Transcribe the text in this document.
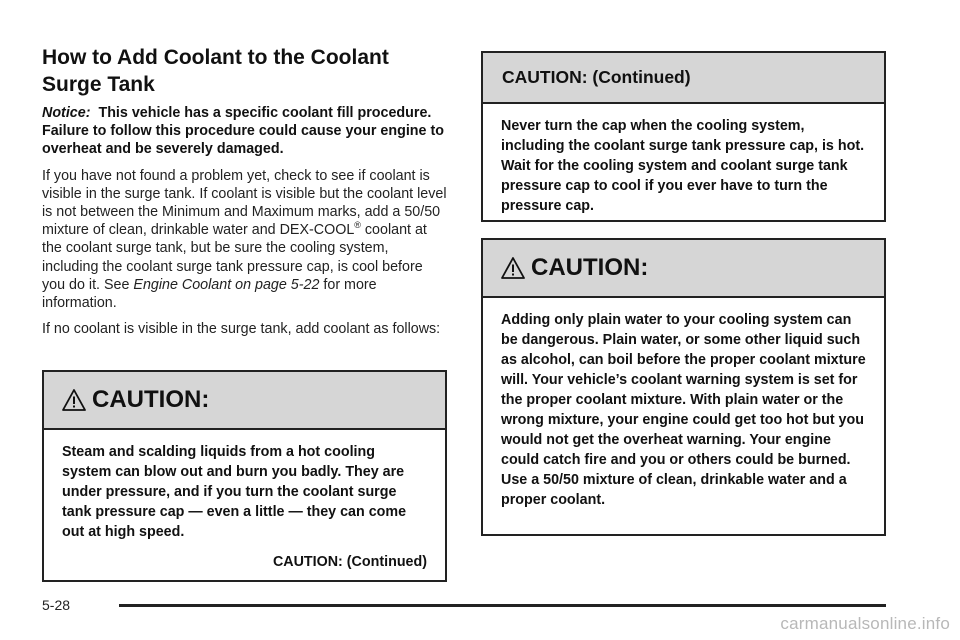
How to Add Coolant to the Coolant
Surge Tank

Notice: This vehicle has a specific coolant fill procedure. Failure to follow this procedure could cause your engine to overheat and be severely damaged.

If you have not found a problem yet, check to see if coolant is visible in the surge tank. If coolant is visible but the coolant level is not between the Minimum and Maximum marks, add a 50/50 mixture of clean, drinkable water and DEX-COOL® coolant at the coolant surge tank, but be sure the cooling system, including the coolant surge tank pressure cap, is cool before you do it. See Engine Coolant on page 5-22 for more information.

If no coolant is visible in the surge tank, add coolant as follows:

CAUTION:
Steam and scalding liquids from a hot cooling system can blow out and burn you badly. They are under pressure, and if you turn the coolant surge tank pressure cap — even a little — they can come out at high speed.
CAUTION: (Continued)
CAUTION: (Continued)
Never turn the cap when the cooling system, including the coolant surge tank pressure cap, is hot. Wait for the cooling system and coolant surge tank pressure cap to cool if you ever have to turn the pressure cap.
CAUTION:
Adding only plain water to your cooling system can be dangerous. Plain water, or some other liquid such as alcohol, can boil before the proper coolant mixture will. Your vehicle’s coolant warning system is set for the proper coolant mixture. With plain water or the wrong mixture, your engine could get too hot but you would not get the overheat warning. Your engine could catch fire and you or others could be burned. Use a 50/50 mixture of clean, drinkable water and a proper coolant.
5-28
carmanualsonline.info
